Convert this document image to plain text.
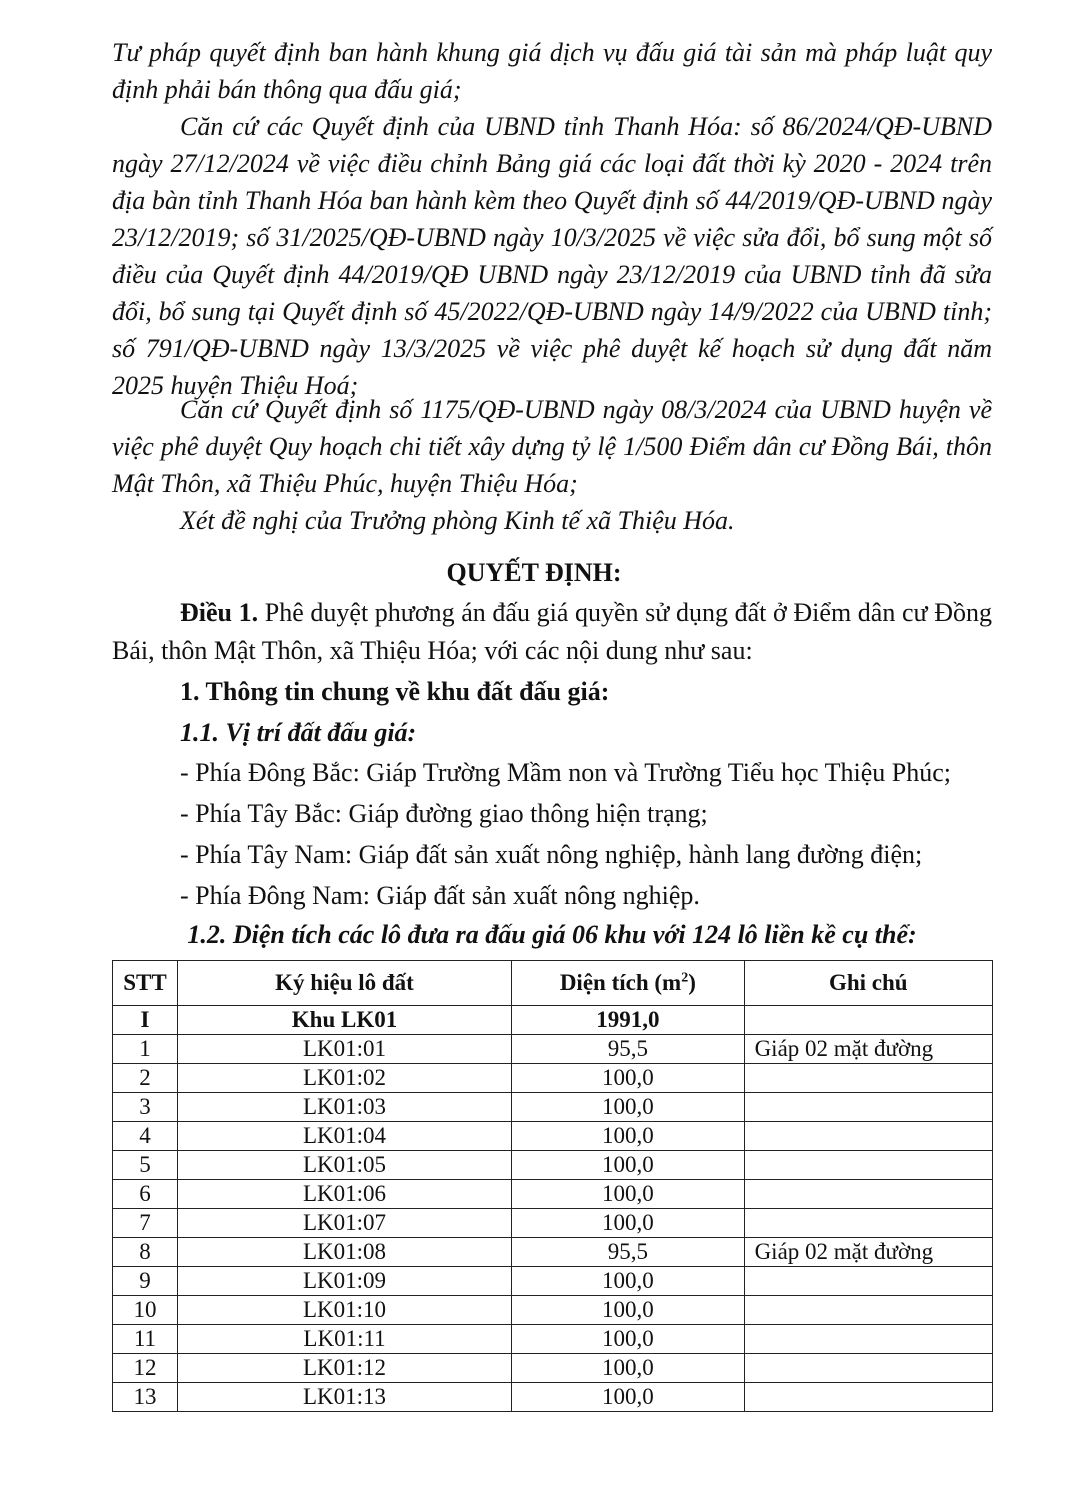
Tư pháp quyết định ban hành khung giá dịch vụ đấu giá tài sản mà pháp luật quy định phải bán thông qua đấu giá;

Căn cứ các Quyết định của UBND tỉnh Thanh Hóa: số 86/2024/QĐ-UBND ngày 27/12/2024 về việc điều chỉnh Bảng giá các loại đất thời kỳ 2020 - 2024 trên địa bàn tỉnh Thanh Hóa ban hành kèm theo Quyết định số 44/2019/QĐ-UBND ngày 23/12/2019; số 31/2025/QĐ-UBND ngày 10/3/2025 về việc sửa đổi, bổ sung một số điều của Quyết định 44/2019/QĐ UBND ngày 23/12/2019 của UBND tỉnh đã sửa đổi, bổ sung tại Quyết định số 45/2022/QĐ-UBND ngày 14/9/2022 của UBND tỉnh; số 791/QĐ-UBND ngày 13/3/2025 về việc phê duyệt kế hoạch sử dụng đất năm 2025 huyện Thiệu Hoá;

Căn cứ Quyết định số 1175/QĐ-UBND ngày 08/3/2024 của UBND huyện về việc phê duyệt Quy hoạch chi tiết xây dựng tỷ lệ 1/500 Điểm dân cư Đồng Bái, thôn Mật Thôn, xã Thiệu Phúc, huyện Thiệu Hóa;

Xét đề nghị của Trưởng phòng Kinh tế xã Thiệu Hóa.

QUYẾT ĐỊNH:

Điều 1. Phê duyệt phương án đấu giá quyền sử dụng đất ở Điểm dân cư Đồng Bái, thôn Mật Thôn, xã Thiệu Hóa; với các nội dung như sau:

1. Thông tin chung về khu đất đấu giá:

1.1. Vị trí đất đấu giá:

- Phía Đông Bắc: Giáp Trường Mầm non và Trường Tiểu học Thiệu Phúc;

- Phía Tây Bắc: Giáp đường giao thông hiện trạng;

- Phía Tây Nam: Giáp đất sản xuất nông nghiệp, hành lang đường điện;

- Phía Đông Nam: Giáp đất sản xuất nông nghiệp.

1.2. Diện tích các lô đưa ra đấu giá 06 khu với 124 lô liền kề cụ thể:

STT	Ký hiệu lô đất	Diện tích $(m^2)$	Ghi chú
I	Khu LK01	1991,0	
1	LK01:01	95,5	Giáp 02 mặt đường
2	LK01:02	100,0	
3	LK01:03	100,0	
4	LK01:04	100,0	
5	LK01:05	100,0	
6	LK01:06	100,0	
7	LK01:07	100,0	
8	LK01:08	95,5	Giáp 02 mặt đường
9	LK01:09	100,0	
10	LK01:10	100,0	
11	LK01:11	100,0	
12	LK01:12	100,0	
13	LK01:13	100,0	
